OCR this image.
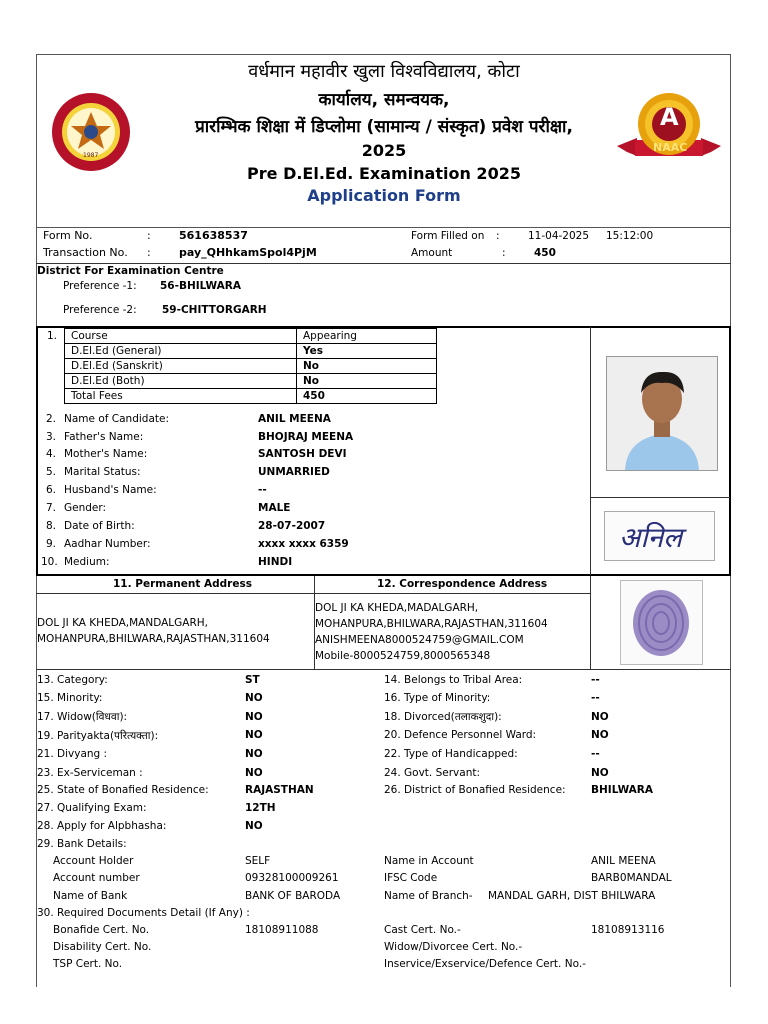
1987
A
NAAC
वर्धमान महावीर खुला विश्वविद्यालय, कोटा
कार्यालय, समन्वयक,
प्रारम्भिक शिक्षा में डिप्लोमा (सामान्य / संस्कृत) प्रवेश परीक्षा,
2025
Pre D.El.Ed. Examination 2025
Application Form
Form No.	:	561638537
Transaction No. :	pay_QHhkamSpol4PjM
Form Filled on :	11-04-2025 15:12:00
Amount	:	450
District For Examination Centre
Preference -1: 56-BHILWARA
Preference -2: 59-CHITTORGARH
1. Course	Appearing
D.El.Ed (General)	Yes
D.El.Ed (Sanskrit)	No
D.El.Ed (Both)	No
Total Fees	450
2. Name of Candidate:	ANIL MEENA
3. Father's Name:	BHOJRAJ MEENA
4. Mother's Name:	SANTOSH DEVI
5. Marital Status:	UNMARRIED
6. Husband's Name:	--
7. Gender:	MALE
8. Date of Birth:	28-07-2007
9. Aadhar Number:	xxxx xxxx 6359
10. Medium:	HINDI
अनिल
11. Permanent Address	12. Correspondence Address
DOL JI KA KHEDA,MANDALGARH,
MOHANPURA,BHILWARA,RAJASTHAN,311604
DOL JI KA KHEDA,MADALGARH,
MOHANPURA,BHILWARA,RAJASTHAN,311604
ANISHMEENA8000524759@GMAIL.COM
Mobile-8000524759,8000565348
13. Category:	ST	14. Belongs to Tribal Area:	--
15. Minority:	NO	16. Type of Minority:	--
17. Widow(विधवा):	NO	18. Divorced(तलाकशुदा):	NO
19. Parityakta(परित्यक्ता):	NO	20. Defence Personnel Ward:	NO
21. Divyang :	NO	22. Type of Handicapped:	--
23. Ex-Serviceman :	NO	24. Govt. Servant:	NO
25. State of Bonafied Residence:	RAJASTHAN	26. District of Bonafied Residence: BHILWARA
27. Qualifying Exam:	12TH
28. Apply for Alpbhasha:	NO
29. Bank Details:
Account Holder	SELF	Name in Account	ANIL MEENA
Account number	09328100009261	IFSC Code	BARB0MANDAL
Name of Bank	BANK OF BARODA	Name of Branch- MANDAL GARH, DIST BHILWARA
30. Required Documents Detail (If Any) :
Bonafide Cert. No.	18108911088	Cast Cert. No.-	18108913116
Disability Cert. No.	Widow/Divorcee Cert. No.-
TSP Cert. No.	Inservice/Exservice/Defence Cert. No.-
